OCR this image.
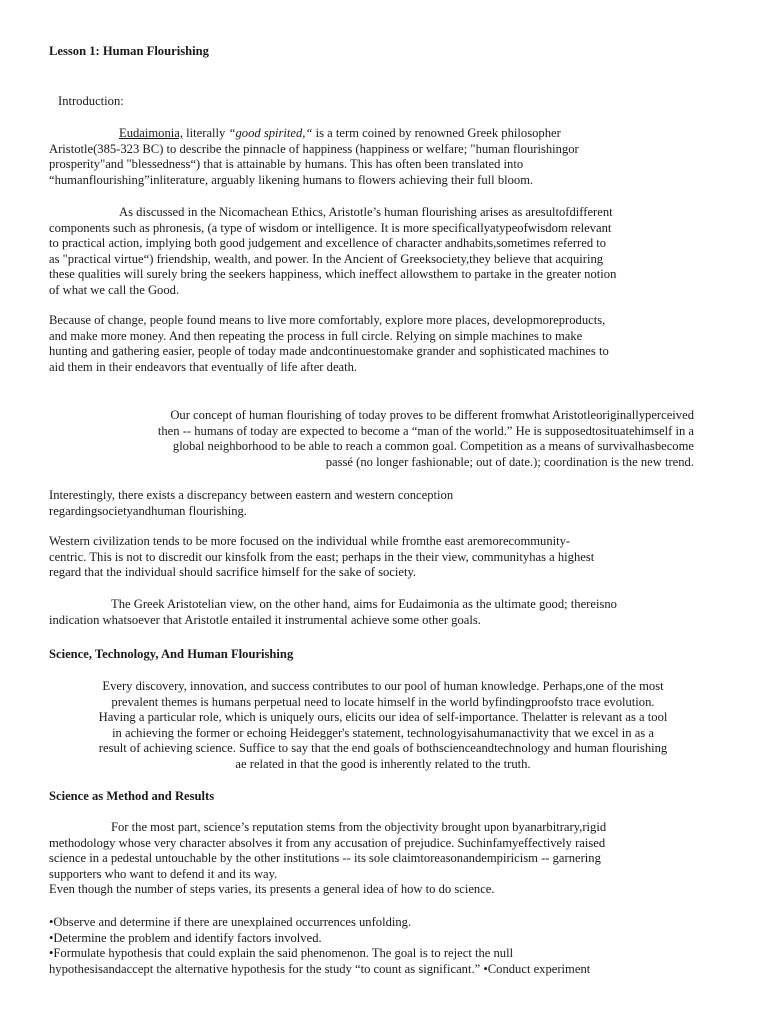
Lesson 1: Human Flourishing
Introduction:
Eudaimonia, literally “good spirited,“ is a term coined by renowned Greek philosopher
Aristotle(385-323 BC) to describe the pinnacle of happiness (happiness or welfare; "human flourishingor
prosperity"and "blessedness“) that is attainable by humans. This has often been translated into
“humanflourishing”inliterature, arguably likening humans to flowers achieving their full bloom.
As discussed in the Nicomachean Ethics, Aristotle’s human flourishing arises as aresultofdifferent
components such as phronesis, (a type of wisdom or intelligence. It is more specificallyatypeofwisdom relevant
to practical action, implying both good judgement and excellence of character andhabits,sometimes referred to
as "practical virtue“) friendship, wealth, and power. In the Ancient of Greeksociety,they believe that acquiring
these qualities will surely bring the seekers happiness, which ineffect allowsthem to partake in the greater notion
of what we call the Good.
Because of change, people found means to live more comfortably, explore more places, developmoreproducts,
and make more money. And then repeating the process in full circle. Relying on simple machines to make
hunting and gathering easier, people of today made andcontinuestomake grander and sophisticated machines to
aid them in their endeavors that eventually of life after death.
Our concept of human flourishing of today proves to be different fromwhat Aristotleoriginallyperceived
then -- humans of today are expected to become a “man of the world.” He is supposedtosituatehimself in a
global neighborhood to be able to reach a common goal. Competition as a means of survivalhasbecome
passé (no longer fashionable; out of date.); coordination is the new trend.
Interestingly, there exists a discrepancy between eastern and western conception
regardingsocietyandhuman flourishing.
Western civilization tends to be more focused on the individual while fromthe east aremorecommunity-
centric. This is not to discredit our kinsfolk from the east; perhaps in the their view, communityhas a highest
regard that the individual should sacrifice himself for the sake of society.
The Greek Aristotelian view, on the other hand, aims for Eudaimonia as the ultimate good; thereisno
indication whatsoever that Aristotle entailed it instrumental achieve some other goals.
Science, Technology, And Human Flourishing
Every discovery, innovation, and success contributes to our pool of human knowledge. Perhaps,one of the most
prevalent themes is humans perpetual need to locate himself in the world byfindingproofsto trace evolution.
Having a particular role, which is uniquely ours, elicits our idea of self-importance. Thelatter is relevant as a tool
in achieving the former or echoing Heidegger's statement, technologyisahumanactivity that we excel in as a
result of achieving science. Suffice to say that the end goals of bothscienceandtechnology and human flourishing
ae related in that the good is inherently related to the truth.
Science as Method and Results
For the most part, science’s reputation stems from the objectivity brought upon byanarbitrary,rigid
methodology whose very character absolves it from any accusation of prejudice. Suchinfamyeffectively raised
science in a pedestal untouchable by the other institutions -- its sole claimtoreasonandempiricism -- garnering
supporters who want to defend it and its way.
Even though the number of steps varies, its presents a general idea of how to do science.
•Observe and determine if there are unexplained occurrences unfolding.
•Determine the problem and identify factors involved.
•Formulate hypothesis that could explain the said phenomenon. The goal is to reject the null
hypothesisandaccept the alternative hypothesis for the study “to count as significant.” •Conduct experiment
